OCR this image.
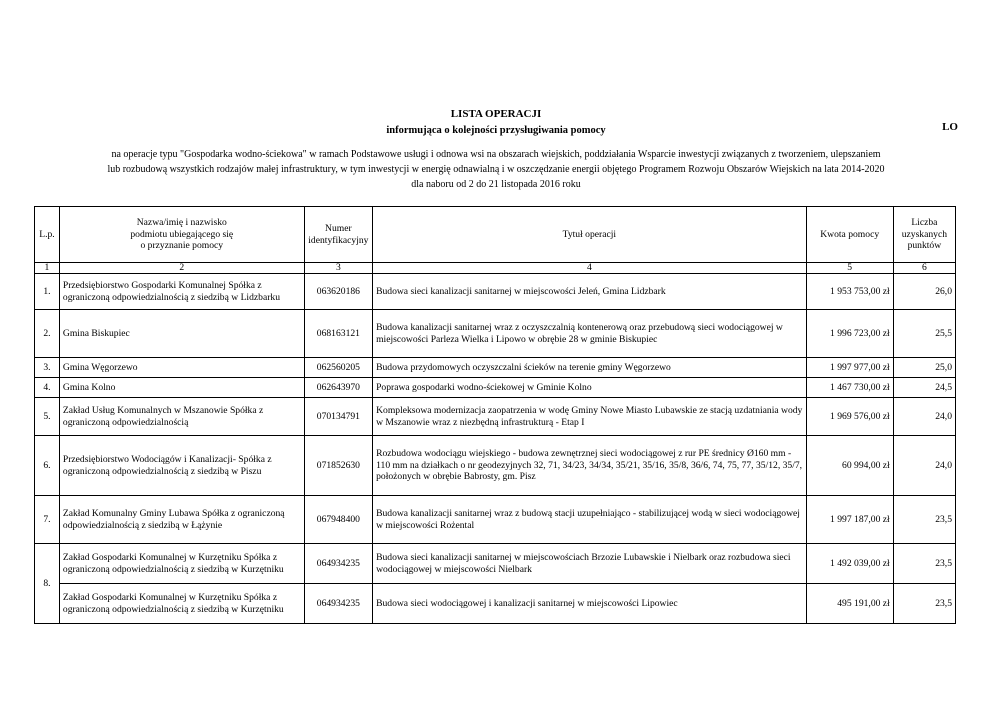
LO
LISTA OPERACJI
informująca o kolejności przysługiwania pomocy
na operacje typu "Gospodarka wodno-ściekowa" w ramach Podstawowe usługi i odnowa wsi na obszarach wiejskich, poddziałania Wsparcie inwestycji związanych z tworzeniem, ulepszaniem
lub rozbudową wszystkich rodzajów małej infrastruktury, w tym inwestycji w energię odnawialną i w oszczędzanie energii objętego Programem Rozwoju Obszarów Wiejskich na lata 2014-2020
dla naboru od 2 do 21 listopada 2016 roku
L.p.	Nazwa/imię i nazwisko
podmiotu ubiegającego się
o przyznanie pomocy	Numer identyfikacyjny	Tytuł operacji	Kwota pomocy	Liczba uzyskanych punktów
1	2	3	4	5	6
1.	Przedsiębiorstwo Gospodarki Komunalnej Spółka z ograniczoną odpowiedzialnością z siedzibą w Lidzbarku	063620186	Budowa sieci kanalizacji sanitarnej w miejscowości Jeleń, Gmina Lidzbark	1 953 753,00 zł	26,0
2.	Gmina Biskupiec	068163121	Budowa kanalizacji sanitarnej wraz z oczyszczalnią kontenerową oraz przebudową sieci wodociągowej w miejscowości Parleza Wielka i Lipowo w obrębie 28 w gminie Biskupiec	1 996 723,00 zł	25,5
3.	Gmina Węgorzewo	062560205	Budowa przydomowych oczyszczalni ścieków na terenie gminy Węgorzewo	1 997 977,00 zł	25,0
4.	Gmina Kolno	062643970	Poprawa gospodarki wodno-ściekowej w Gminie Kolno	1 467 730,00 zł	24,5
5.	Zakład Usług Komunalnych w Mszanowie Spółka z ograniczoną odpowiedzialnością	070134791	Kompleksowa modernizacja zaopatrzenia w wodę Gminy Nowe Miasto Lubawskie ze stacją uzdatniania wody w Mszanowie wraz z niezbędną infrastrukturą - Etap I	1 969 576,00 zł	24,0
6.	Przedsiębiorstwo Wodociągów i Kanalizacji- Spółka z ograniczoną odpowiedzialnością z siedzibą w Piszu	071852630	Rozbudowa wodociągu wiejskiego - budowa zewnętrznej sieci wodociągowej z rur PE średnicy Ø160 mm - 110 mm na działkach o nr geodezyjnych 32, 71, 34/23, 34/34, 35/21, 35/16, 35/8, 36/6, 74, 75, 77, 35/12, 35/7, położonych w obrębie Babrosty, gm. Pisz	60 994,00 zł	24,0
7.	Zakład Komunalny Gminy Lubawa Spółka z ograniczoną odpowiedzialnością z siedzibą w Łążynie	067948400	Budowa kanalizacji sanitarnej wraz z budową stacji uzupełniająco - stabilizującej wodą w sieci wodociągowej w miejscowości Rożental	1 997 187,00 zł	23,5
8.	Zakład Gospodarki Komunalnej w Kurzętniku Spółka z ograniczoną odpowiedzialnością z siedzibą w Kurzętniku	064934235	Budowa sieci kanalizacji sanitarnej w miejscowościach Brzozie Lubawskie i Nielbark oraz rozbudowa sieci wodociągowej w miejscowości Nielbark	1 492 039,00 zł	23,5
	Zakład Gospodarki Komunalnej w Kurzętniku Spółka z ograniczoną odpowiedzialnością z siedzibą w Kurzętniku	064934235	Budowa sieci wodociągowej i kanalizacji sanitarnej w miejscowości Lipowiec	495 191,00 zł	23,5
